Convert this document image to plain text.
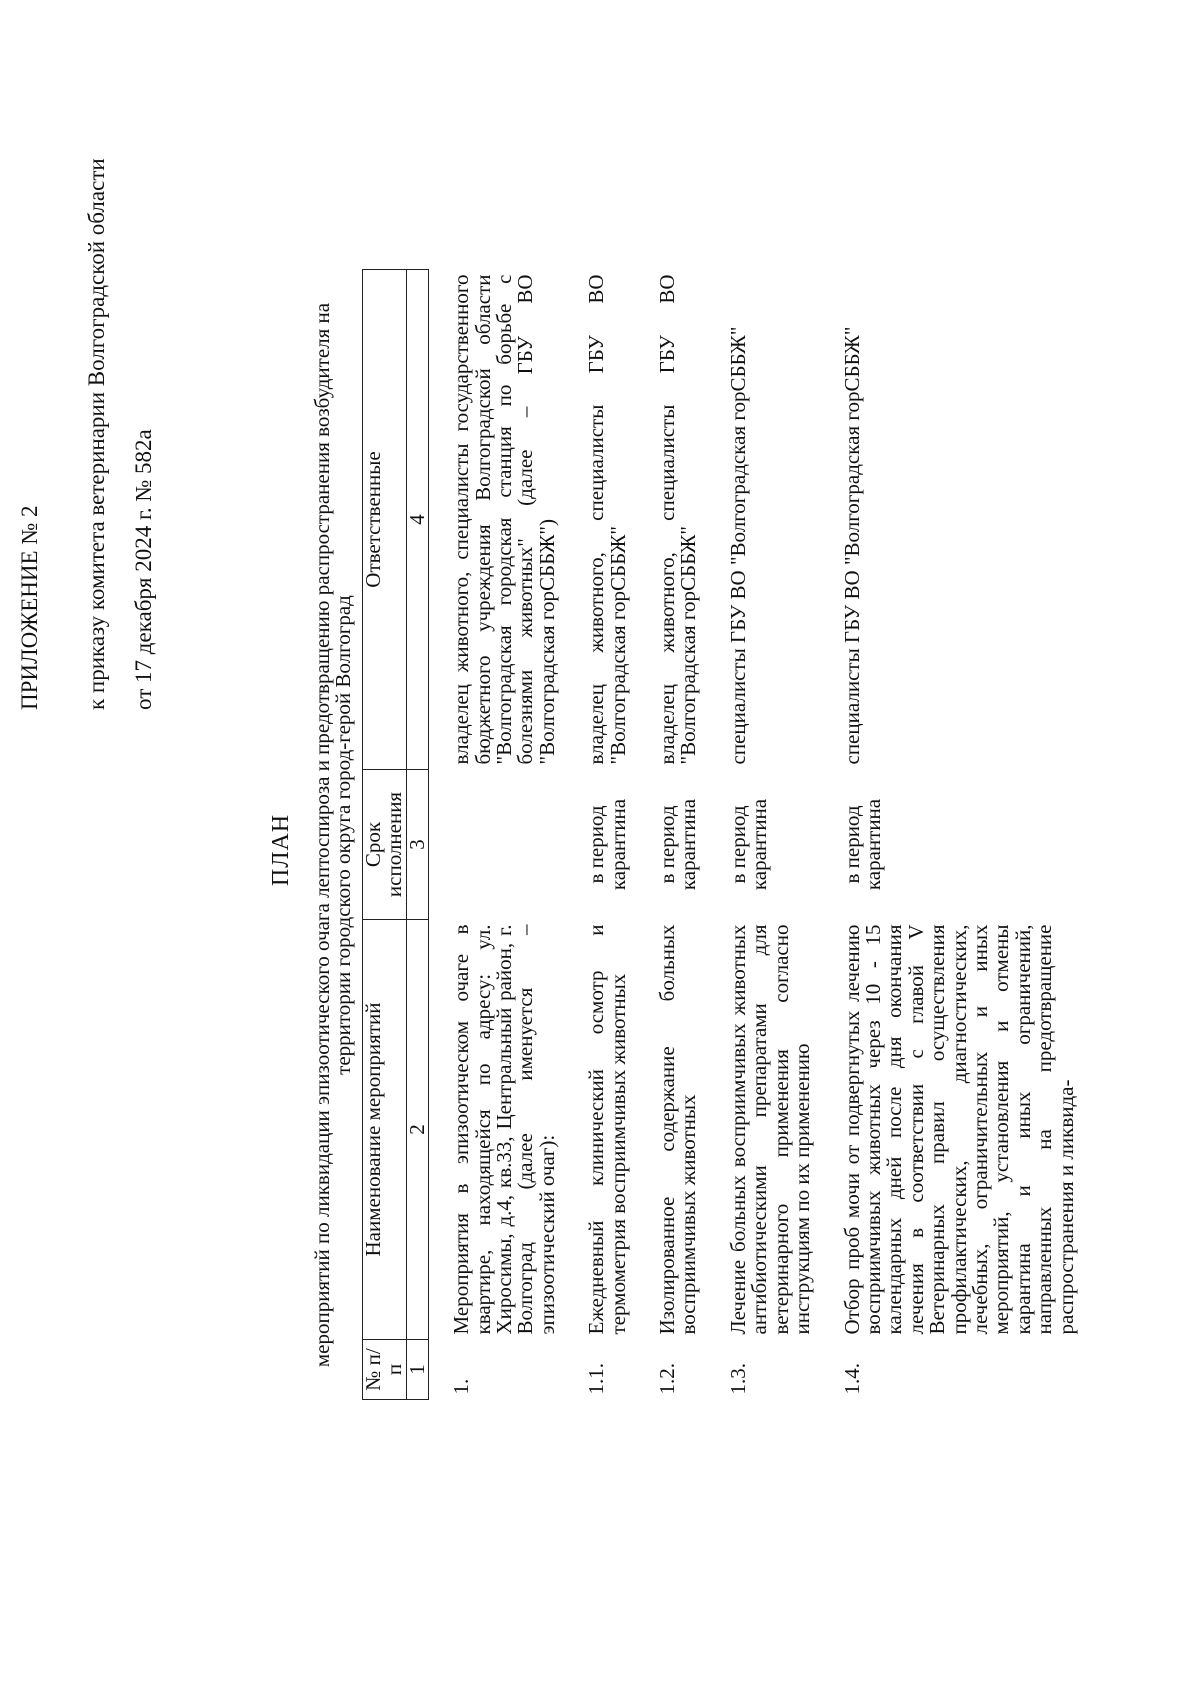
ПРИЛОЖЕНИЕ № 2 к приказу комитета ветеринарии Волгоградской области от 17 декабря 2024 г. № 582а
ПЛАН мероприятий по ликвидации эпизоотического очага лептоспироза и предотвращению распространения возбудителя на территории городского округа город-герой Волгоград
№ п/п	Наименование мероприятий	Срок исполнения	Ответственные
1	2	3	4

1.	Мероприятия в эпизоотическом очаге в квартире, находящейся по адресу: ул. Хиросимы, д.4, кв.33, Центральный район, г. Волгоград (далее именуется – эпизоотический очаг):		владелец животного, специалисты государственного бюджетного учреждения Волгоградской области "Волгоградская городская станция по борьбе с болезнями животных" (далее – ГБУ ВО "Волгоградская горСББЖ")
1.1.	Ежедневный клинический осмотр и термометрия восприимчивых животных	в период карантина	владелец животного, специалисты ГБУ ВО "Волгоградская горСББЖ"
1.2.	Изолированное содержание больных восприимчивых животных	в период карантина	владелец животного, специалисты ГБУ ВО "Волгоградская горСББЖ"
1.3.	Лечение больных восприимчивых животных антибиотическими препаратами для ветеринарного применения согласно инструкциям по их применению	в период карантина	специалисты ГБУ ВО "Волгоградская горСББЖ"
1.4.	Отбор проб мочи от подвергнутых лечению восприимчивых животных через 10 - 15 календарных дней после дня окончания лечения в соответствии с главой V Ветеринарных правил осуществления профилактических, диагностических, лечебных, ограничительных и иных мероприятий, установления и отмены карантина и иных ограничений, направленных на предотвращение распространения и ликвида-	в период карантина	специалисты ГБУ ВО "Волгоградская горСББЖ"
